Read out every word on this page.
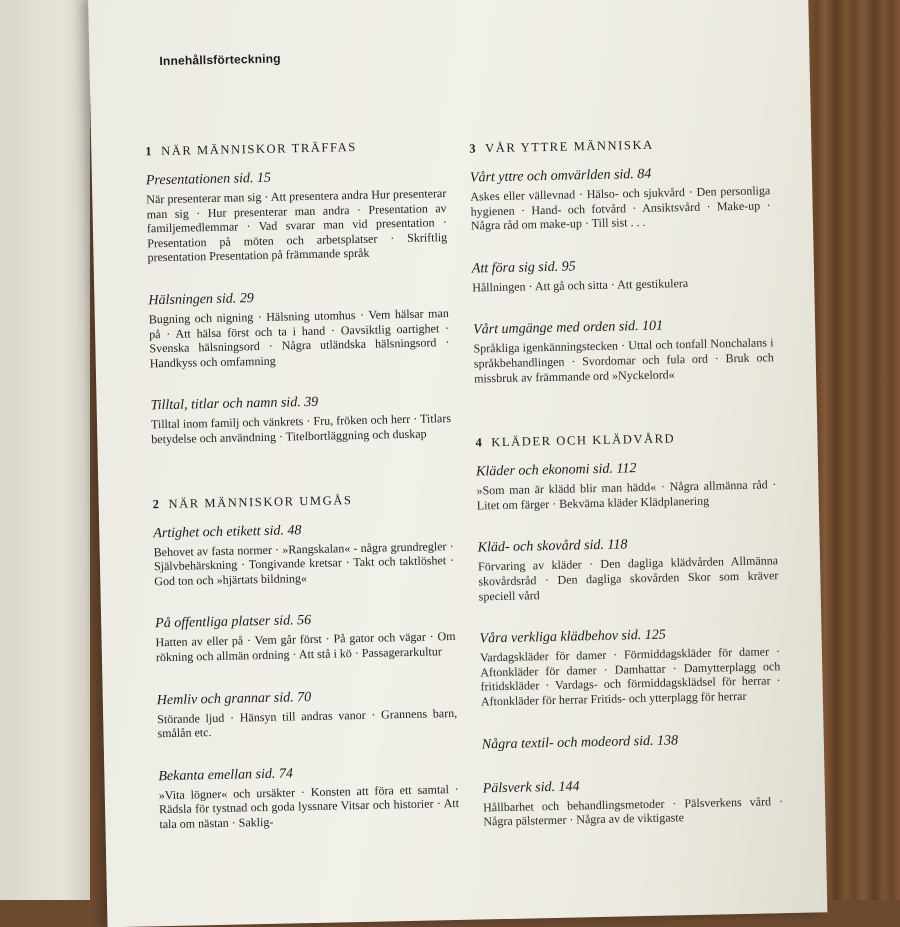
Innehållsförteckning
1 NÄR MÄNNISKOR TRÄFFAS
Presentationen sid. 15

När presenterar man sig · Att presentera andra Hur presenterar man sig · Hur presenterar man andra · Presentation av familjemedlemmar · Vad svarar man vid presentation · Presentation på möten och arbetsplatser · Skriftlig presentation Presentation på främmande språk

Hälsningen sid. 29

Bugning och nigning · Hälsning utomhus · Vem hälsar man på · Att hälsa först och ta i hand · Oavsiktlig oartighet · Svenska hälsningsord · Några utländska hälsningsord · Handkyss och omfamning

Tilltal, titlar och namn sid. 39

Tilltal inom familj och vänkrets · Fru, fröken och herr · Titlars betydelse och användning · Titelbortläggning och duskap

2 NÄR MÄNNISKOR UMGÅS
Artighet och etikett sid. 48

Behovet av fasta normer · »Rangskalan« - några grundregler · Självbehärskning · Tongivande kretsar · Takt och taktlöshet · God ton och »hjärtats bildning«

På offentliga platser sid. 56

Hatten av eller på · Vem går först · På gator och vägar · Om rökning och allmän ordning · Att stå i kö · Passagerarkultur

Hemliv och grannar sid. 70

Störande ljud · Hänsyn till andras vanor · Grannens barn, smålån etc.

Bekanta emellan sid. 74

»Vita lögner« och ursäkter · Konsten att föra ett samtal · Rädsla för tystnad och goda lyssnare Vitsar och historier · Att tala om nästan · Saklig-

3 VÅR YTTRE MÄNNISKA
Vårt yttre och omvärlden sid. 84

Askes eller vällevnad · Hälso- och sjukvård · Den personliga hygienen · Hand- och fotvård · Ansiktsvård · Make-up · Några råd om make-up · Till sist . . .

Att föra sig sid. 95

Hållningen · Att gå och sitta · Att gestikulera

Vårt umgänge med orden sid. 101

Språkliga igenkänningstecken · Uttal och tonfall Nonchalans i språkbehandlingen · Svordomar och fula ord · Bruk och missbruk av främmande ord »Nyckelord«

4 KLÄDER OCH KLÄDVÅRD
Kläder och ekonomi sid. 112

»Som man är klädd blir man hädd« · Några allmänna råd · Litet om färger · Bekväma kläder Klädplanering

Kläd- och skovård sid. 118

Förvaring av kläder · Den dagliga klädvården Allmänna skovårdsråd · Den dagliga skovården Skor som kräver speciell vård

Våra verkliga klädbehov sid. 125

Vardagskläder för damer · Förmiddagskläder för damer · Aftonkläder för damer · Damhattar · Damytterplagg och fritidskläder · Vardags- och förmiddagsklädsel för herrar · Aftonkläder för herrar Fritids- och ytterplagg för herrar

Några textil- och modeord sid. 138
Pälsverk sid. 144

Hållbarhet och behandlingsmetoder · Pälsverkens vård · Några pälstermer · Några av de viktigaste
